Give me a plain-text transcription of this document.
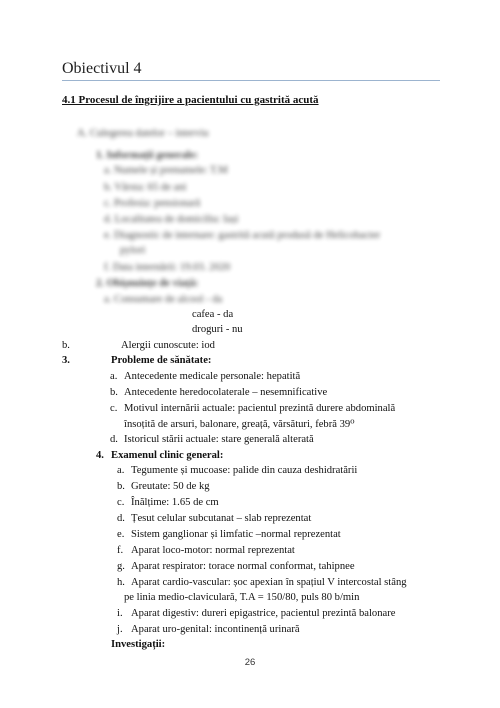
Obiectivul 4
4.1 Procesul de îngrijire a pacientului cu gastrită acută
A. Culegerea datelor – interviu
1. Informații generale:
a. Numele și prenumele: T.M
b. Vârsta: 65 de ani
c. Profesia: pensionară
d. Localitatea de domiciliu: Iași
e. Diagnostic de internare: gastrită acută produsă de Helicobacter
pylori
f. Data internării: 19.03. 2020
2. Obișnuințe de viață:
a. Consumare de alcool - da
cafea - da
droguri - nu
b.	Alergii cunoscute: iod
3.	Probleme de sănătate:
a. Antecedente medicale personale: hepatită
b. Antecedente heredocolaterale – nesemnificative
c. Motivul internării actuale: pacientul prezintă durere abdominală
însoțită de arsuri, balonare, greață, vărsături, febră 39⁰
d. Istoricul stării actuale: stare generală alterată
4. Examenul clinic general:
a. Tegumente și mucoase: palide din cauza deshidratării
b. Greutate: 50 de kg
c. Înălțime: 1.65 de cm
d. Țesut celular subcutanat – slab reprezentat
e. Sistem ganglionar și limfatic –normal reprezentat
f. Aparat loco-motor: normal reprezentat
g. Aparat respirator: torace normal conformat, tahipnee
h. Aparat cardio-vascular: șoc apexian în spațiul V intercostal stâng
pe linia medio-claviculară, T.A = 150/80, puls 80 b/min
i. Aparat digestiv: dureri epigastrice, pacientul prezintă balonare
j. Aparat uro-genital: incontinență urinară
Investigații:
26
